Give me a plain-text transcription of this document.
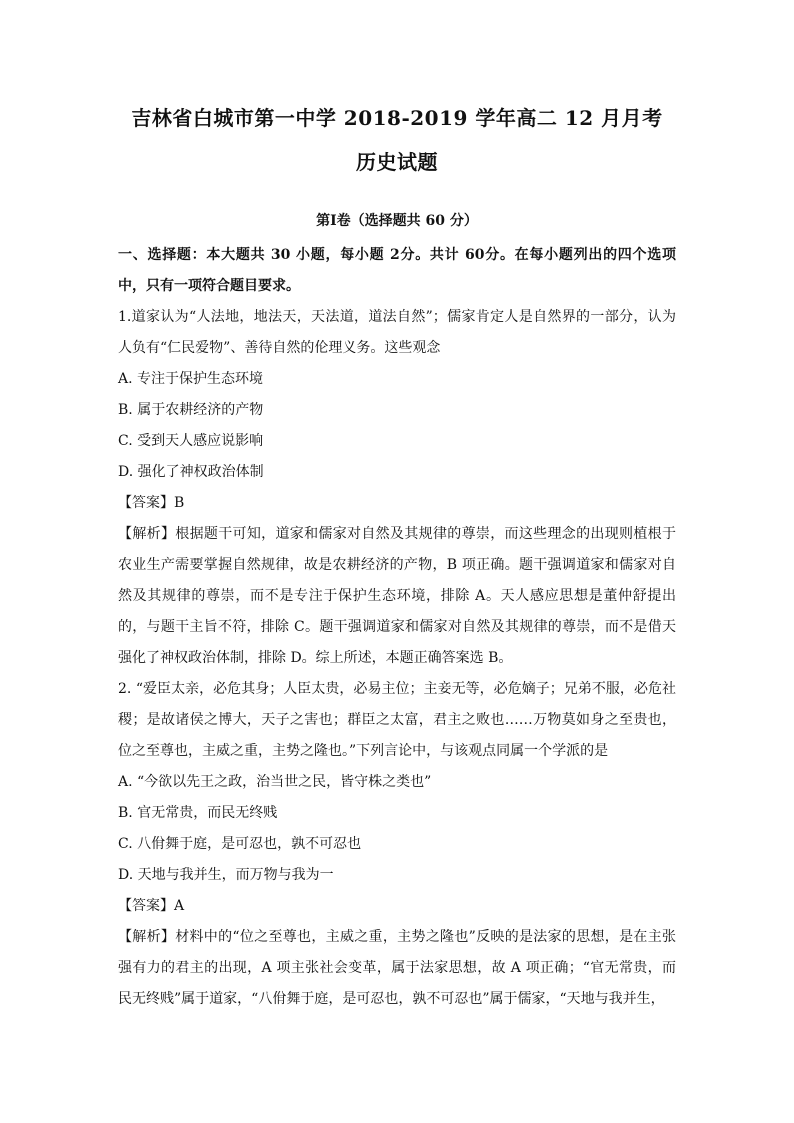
吉林省白城市第一中学 2018-2019 学年高二 12 月月考
历史试题
第Ⅰ卷（选择题共 60 分）

一、选择题：本大题共 30 小题，每小题 2分。共计 60分。在每小题列出的四个选项中，只有一项符合题目要求。

1.道家认为“人法地，地法天，天法道，道法自然”；儒家肯定人是自然界的一部分，认为人负有“仁民爱物”、善待自然的伦理义务。这些观念

A. 专注于保护生态环境

B. 属于农耕经济的产物

C. 受到天人感应说影响

D. 强化了神权政治体制

【答案】B

【解析】根据题干可知，道家和儒家对自然及其规律的尊崇，而这些理念的出现则植根于农业生产需要掌握自然规律，故是农耕经济的产物，B 项正确。题干强调道家和儒家对自然及其规律的尊崇，而不是专注于保护生态环境，排除 A。天人感应思想是董仲舒提出的，与题干主旨不符，排除 C。题干强调道家和儒家对自然及其规律的尊崇，而不是借天强化了神权政治体制，排除 D。综上所述，本题正确答案选 B。

2. “爱臣太亲，必危其身；人臣太贵，必易主位；主妾无等，必危嫡子；兄弟不服，必危社稷；是故诸侯之博大，天子之害也；群臣之太富，君主之败也……万物莫如身之至贵也，位之至尊也，主威之重，主势之隆也。”下列言论中，与该观点同属一个学派的是

A. “今欲以先王之政，治当世之民，皆守株之类也”

B. 官无常贵，而民无终贱

C. 八佾舞于庭，是可忍也，孰不可忍也

D. 天地与我并生，而万物与我为一

【答案】A

【解析】材料中的“位之至尊也，主威之重，主势之隆也”反映的是法家的思想，是在主张强有力的君主的出现，A 项主张社会变革，属于法家思想，故 A 项正确；“官无常贵，而民无终贱”属于道家，“八佾舞于庭，是可忍也，孰不可忍也”属于儒家，“天地与我并生，
